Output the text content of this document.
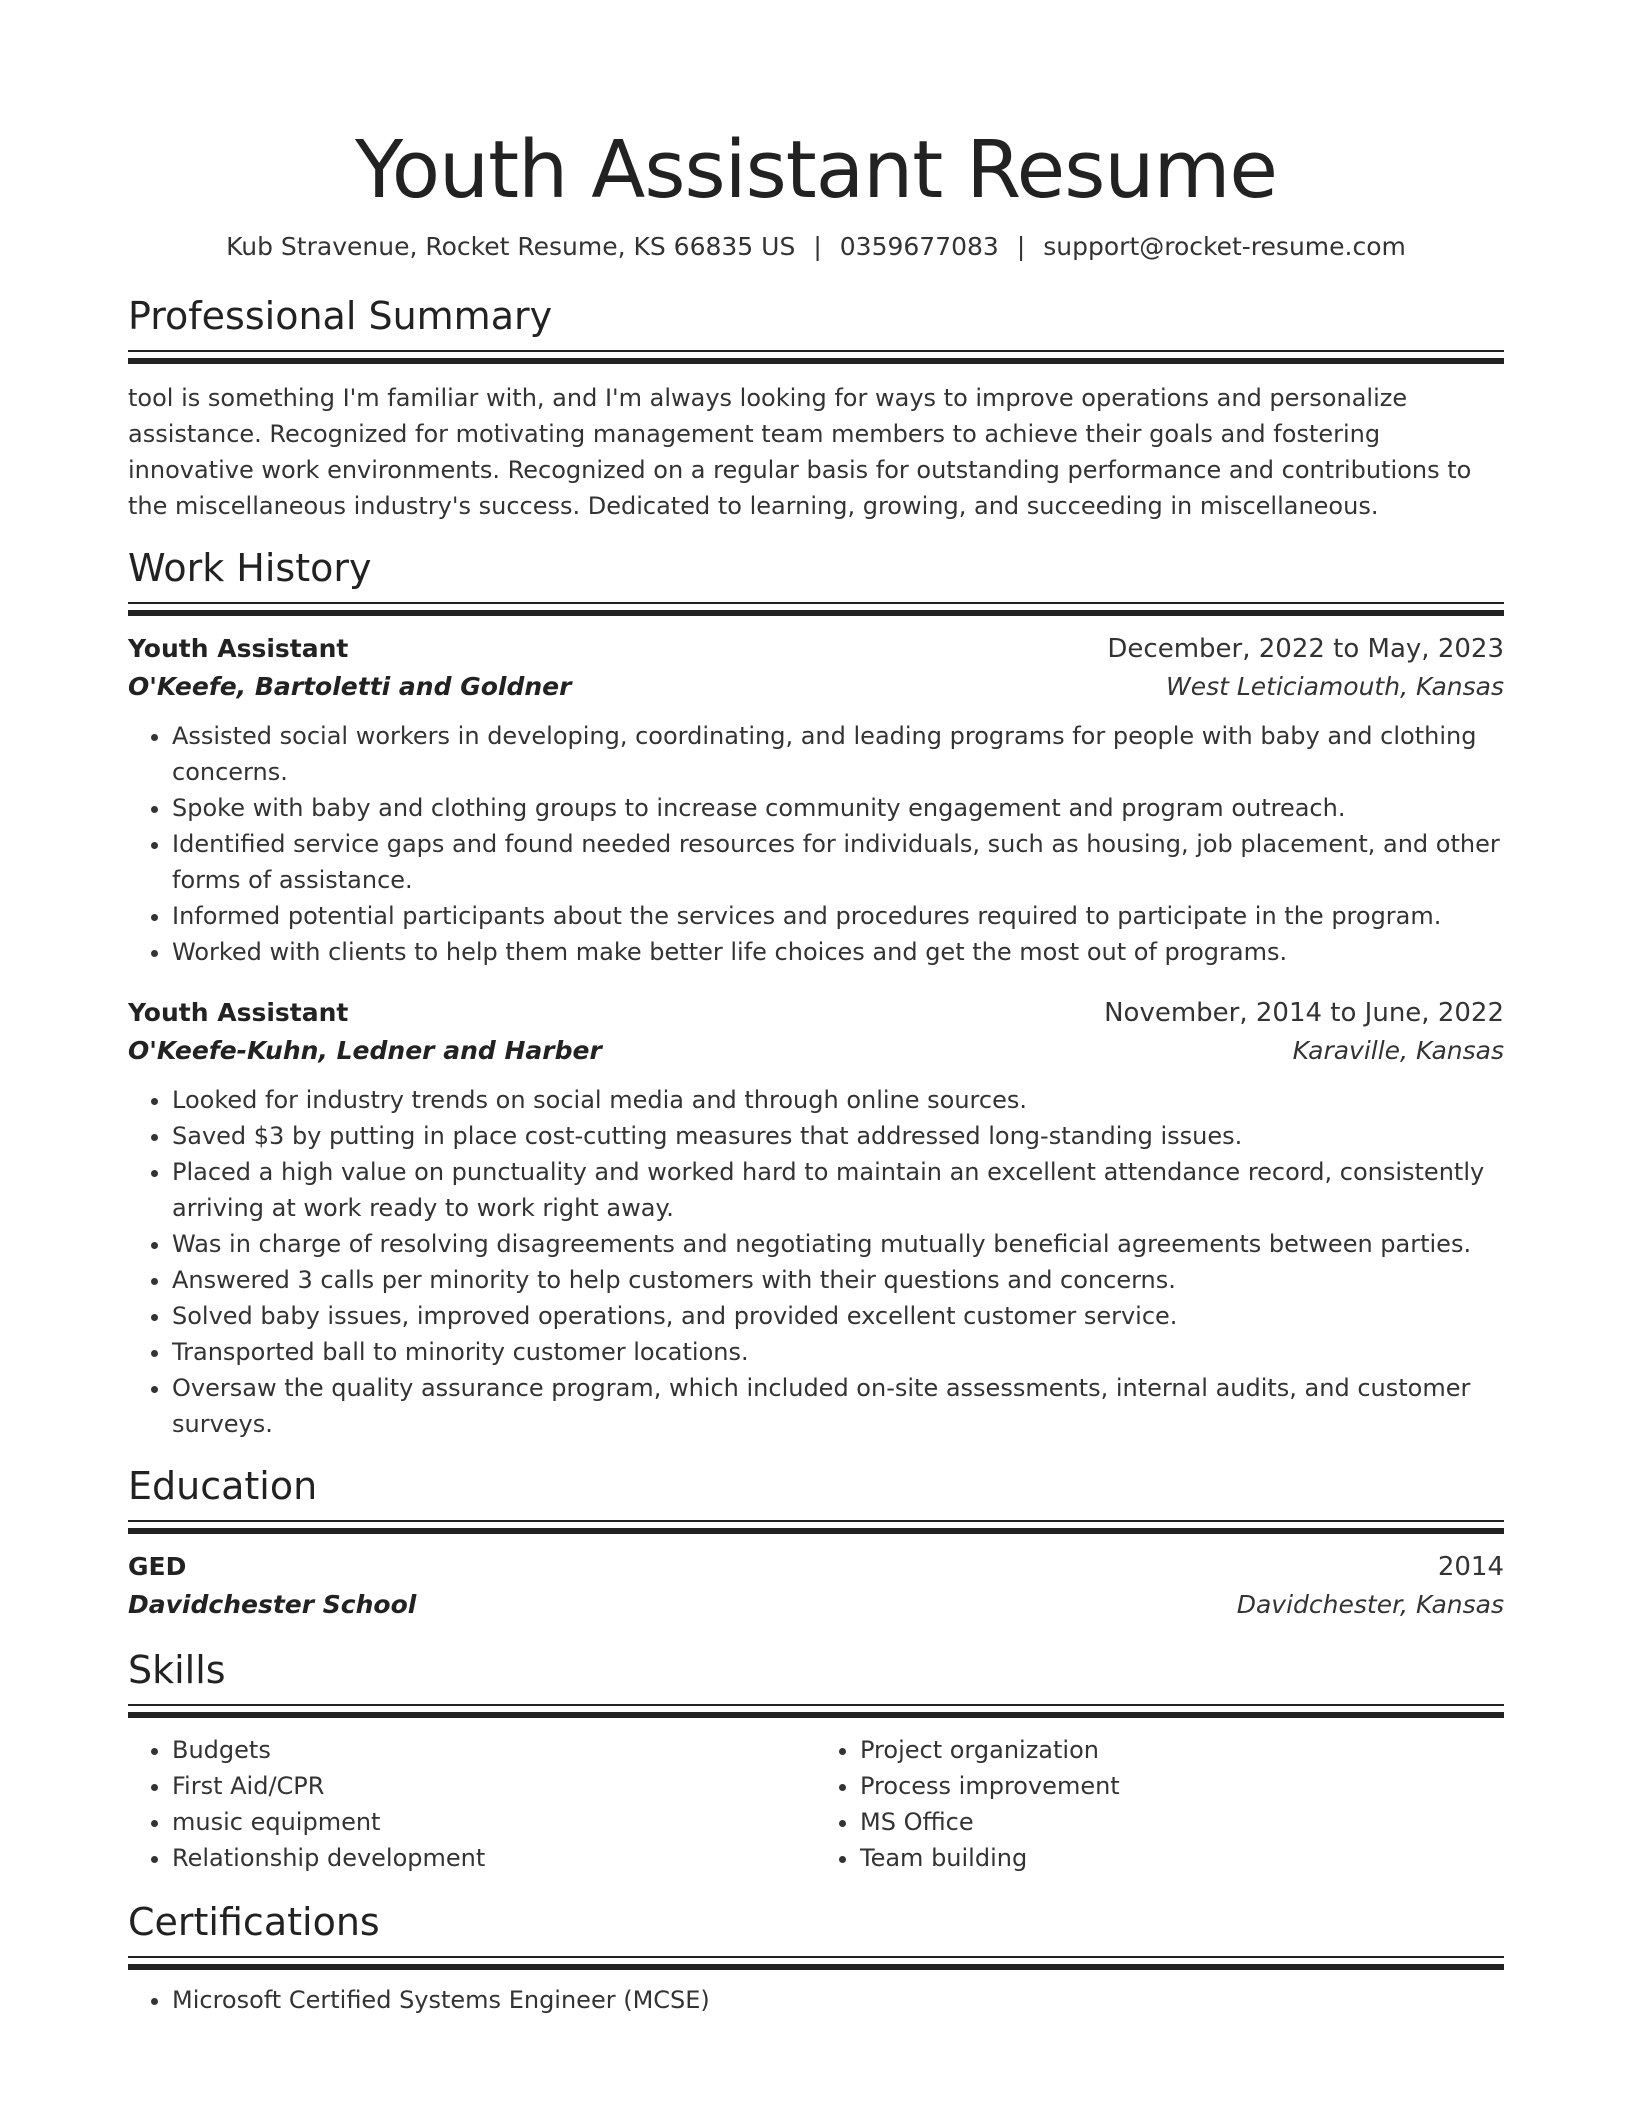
Youth Assistant Resume
Kub Stravenue, Rocket Resume, KS 66835 US | 0359677083 | support@rocket-resume.com
Professional Summary
tool is something I'm familiar with, and I'm always looking for ways to improve operations and personalize assistance. Recognized for motivating management team members to achieve their goals and fostering innovative work environments. Recognized on a regular basis for outstanding performance and contributions to the miscellaneous industry's success. Dedicated to learning, growing, and succeeding in miscellaneous.
Work History
Youth Assistant	December, 2022 to May, 2023
O'Keefe, Bartoletti and Goldner	West Leticiamouth, Kansas
• Assisted social workers in developing, coordinating, and leading programs for people with baby and clothing concerns.
• Spoke with baby and clothing groups to increase community engagement and program outreach.
• Identified service gaps and found needed resources for individuals, such as housing, job placement, and other forms of assistance.
• Informed potential participants about the services and procedures required to participate in the program.
• Worked with clients to help them make better life choices and get the most out of programs.
Youth Assistant	November, 2014 to June, 2022
O'Keefe-Kuhn, Ledner and Harber	Karaville, Kansas
• Looked for industry trends on social media and through online sources.
• Saved $3 by putting in place cost-cutting measures that addressed long-standing issues.
• Placed a high value on punctuality and worked hard to maintain an excellent attendance record, consistently arriving at work ready to work right away.
• Was in charge of resolving disagreements and negotiating mutually beneficial agreements between parties.
• Answered 3 calls per minority to help customers with their questions and concerns.
• Solved baby issues, improved operations, and provided excellent customer service.
• Transported ball to minority customer locations.
• Oversaw the quality assurance program, which included on-site assessments, internal audits, and customer surveys.
Education
GED	2014
Davidchester School	Davidchester, Kansas
Skills
• Budgets
• First Aid/CPR
• music equipment
• Relationship development
• Project organization
• Process improvement
• MS Office
• Team building
Certifications
• Microsoft Certified Systems Engineer (MCSE)
